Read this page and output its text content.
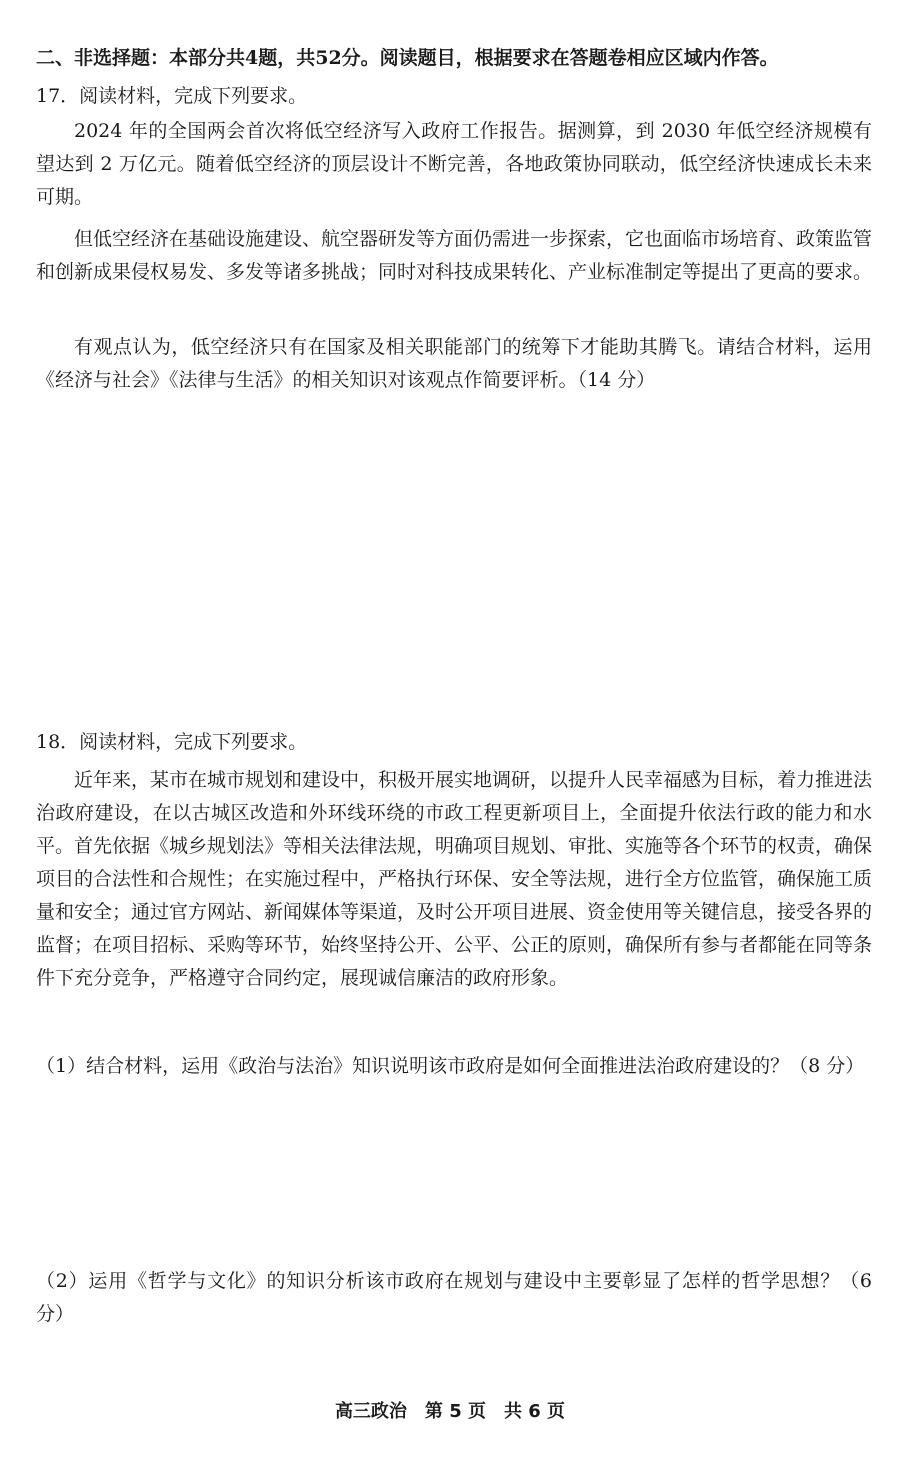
二、非选择题：本部分共4题，共52分。阅读题目，根据要求在答题卷相应区域内作答。
17．阅读材料，完成下列要求。

2024 年的全国两会首次将低空经济写入政府工作报告。据测算，到 2030 年低空经济规模有望达到 2 万亿元。随着低空经济的顶层设计不断完善，各地政策协同联动，低空经济快速成长未来可期。

但低空经济在基础设施建设、航空器研发等方面仍需进一步探索，它也面临市场培育、政策监管和创新成果侵权易发、多发等诸多挑战；同时对科技成果转化、产业标准制定等提出了更高的要求。

有观点认为，低空经济只有在国家及相关职能部门的统筹下才能助其腾飞。请结合材料，运用《经济与社会》《法律与生活》的相关知识对该观点作简要评析。（14 分）

18．阅读材料，完成下列要求。

近年来，某市在城市规划和建设中，积极开展实地调研，以提升人民幸福感为目标，着力推进法治政府建设，在以古城区改造和外环线环绕的市政工程更新项目上，全面提升依法行政的能力和水平。首先依据《城乡规划法》等相关法律法规，明确项目规划、审批、实施等各个环节的权责，确保项目的合法性和合规性；在实施过程中，严格执行环保、安全等法规，进行全方位监管，确保施工质量和安全；通过官方网站、新闻媒体等渠道，及时公开项目进展、资金使用等关键信息，接受各界的监督；在项目招标、采购等环节，始终坚持公开、公平、公正的原则，确保所有参与者都能在同等条件下充分竞争，严格遵守合同约定，展现诚信廉洁的政府形象。

（1）结合材料，运用《政治与法治》知识说明该市政府是如何全面推进法治政府建设的？（8 分）

（2）运用《哲学与文化》的知识分析该市政府在规划与建设中主要彰显了怎样的哲学思想？（6 分）

高三政治　第 5 页　共 6 页
